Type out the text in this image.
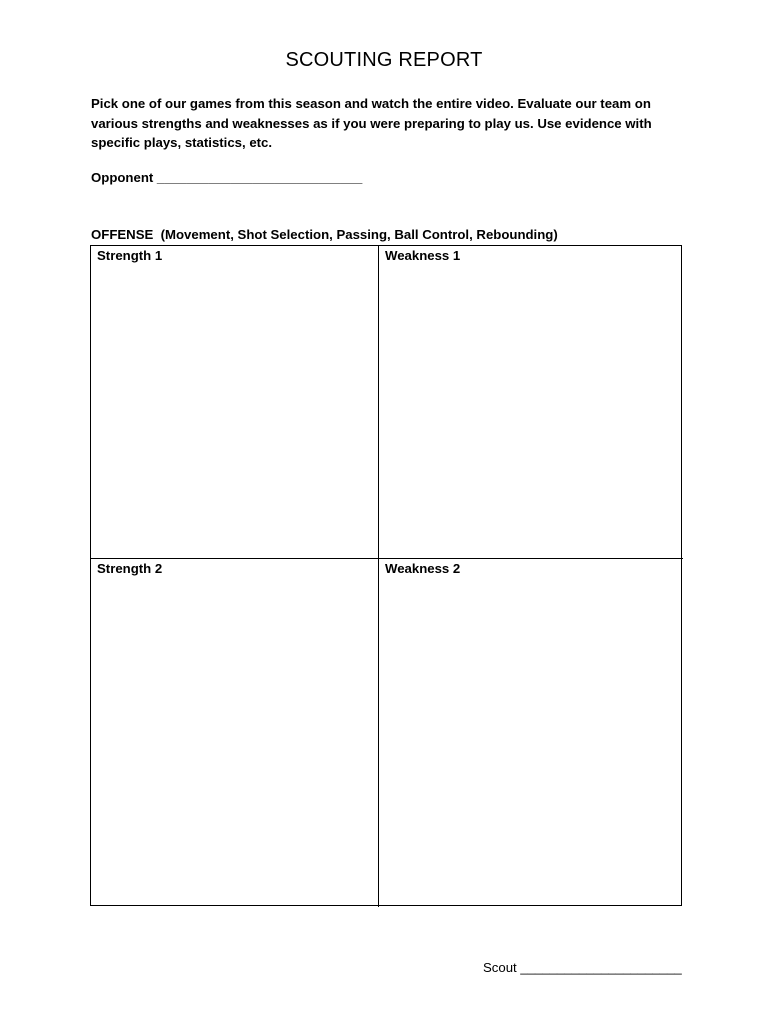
SCOUTING REPORT
Pick one of our games from this season and watch the entire video. Evaluate our team on various strengths and weaknesses as if you were preparing to play us. Use evidence with specific plays, statistics, etc.
Opponent ____________________________
OFFENSE  (Movement, Shot Selection, Passing, Ball Control, Rebounding)
Strength 1	Weakness 1
Strength 2	Weakness 2
Scout ______________________
